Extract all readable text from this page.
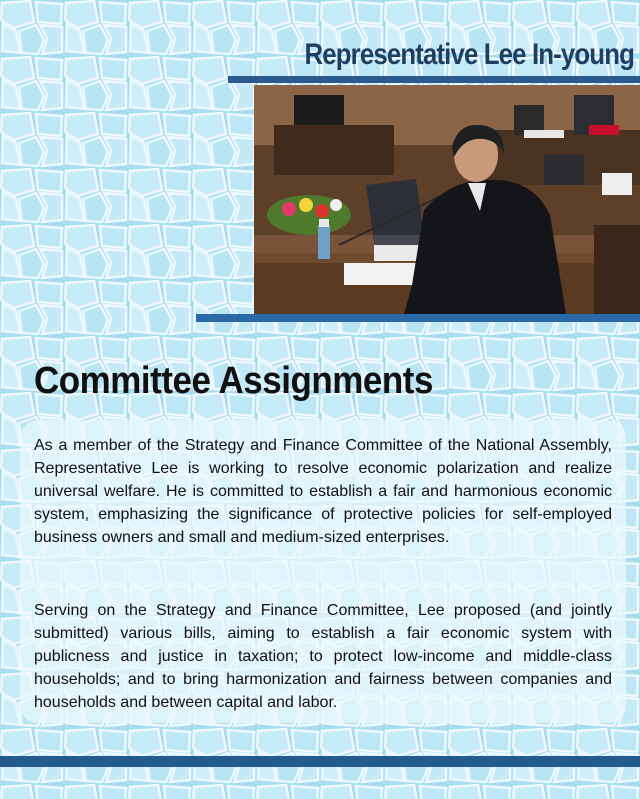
Representative Lee In-young
Committee Assignments

As a member of the Strategy and Finance Committee of the National Assembly, Representative Lee is working to resolve economic polarization and realize universal welfare. He is committed to establish a fair and harmonious economic system, emphasizing the significance of protective policies for self-employed business owners and small and medium-sized enterprises.

Serving on the Strategy and Finance Committee, Lee proposed (and jointly submitted) various bills, aiming to establish a fair economic system with publicness and justice in taxation; to protect low-income and middle-class households; and to bring harmonization and fairness between companies and households and between capital and labor.
